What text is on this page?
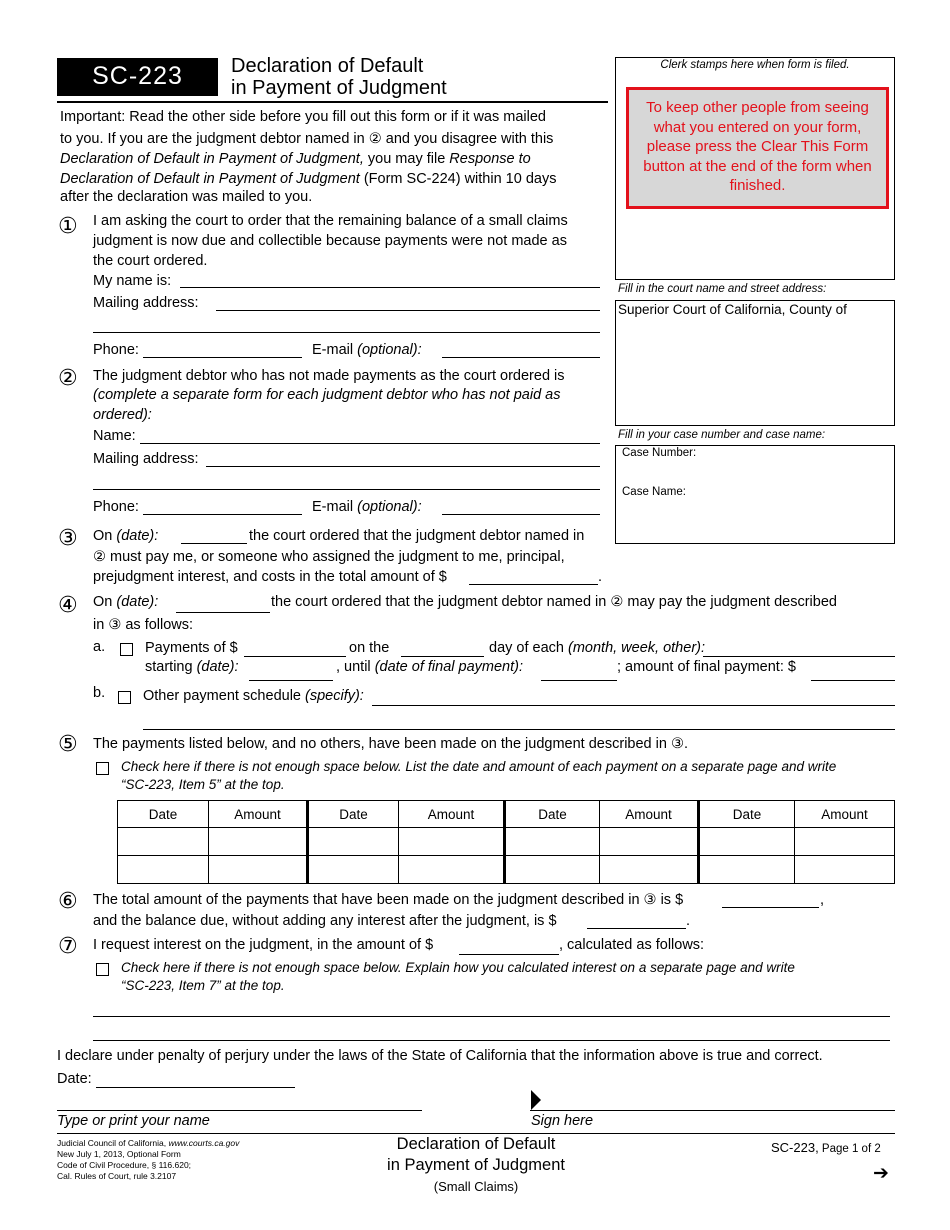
SC-223	Declaration of Default
in Payment of Judgment
Clerk stamps here when form is filed.
To keep other people from seeing what you entered on your form, please press the Clear This Form button at the end of the form when finished.
Fill in the court name and street address:
Superior Court of California, County of
Fill in your case number and case name:
Case Number:
Case Name:
Important: Read the other side before you fill out this form or if it was mailed
to you. If you are the judgment debtor named in ② and you disagree with this
Declaration of Default in Payment of Judgment, you may file Response to
Declaration of Default in Payment of Judgment (Form SC-224) within 10 days
after the declaration was mailed to you.
① I am asking the court to order that the remaining balance of a small claims
judgment is now due and collectible because payments were not made as
the court ordered.
My name is:
Mailing address:
Phone:	E-mail (optional):
② The judgment debtor who has not made payments as the court ordered is
(complete a separate form for each judgment debtor who has not paid as
ordered):
Name:
Mailing address:
Phone:	E-mail (optional):
③ On (date):	the court ordered that the judgment debtor named in
② must pay me, or someone who assigned the judgment to me, principal,
prejudgment interest, and costs in the total amount of $	.
④ On (date):	the court ordered that the judgment debtor named in ② may pay the judgment described
in ③ as follows:
a.	Payments of $	on the	day of each (month, week, other):
starting (date):	, until (date of final payment):	; amount of final payment: $
b.	Other payment schedule (specify):
⑤ The payments listed below, and no others, have been made on the judgment described in ③.
Check here if there is not enough space below. List the date and amount of each payment on a separate page and write
“SC-223, Item 5” at the top.
Date	Amount	Date	Amount	Date	Amount	Date	Amount

⑥ The total amount of the payments that have been made on the judgment described in ③ is $	,
and the balance due, without adding any interest after the judgment, is $	.
⑦ I request interest on the judgment, in the amount of $	, calculated as follows:
Check here if there is not enough space below. Explain how you calculated interest on a separate page and write
“SC-223, Item 7” at the top.
I declare under penalty of perjury under the laws of the State of California that the information above is true and correct.
Date:
Type or print your name	Sign here
Judicial Council of California, www.courts.ca.gov
New July 1, 2013, Optional Form
Code of Civil Procedure, § 116.620;
Cal. Rules of Court, rule 3.2107
Declaration of Default
in Payment of Judgment
(Small Claims)
SC-223, Page 1 of 2
➔
